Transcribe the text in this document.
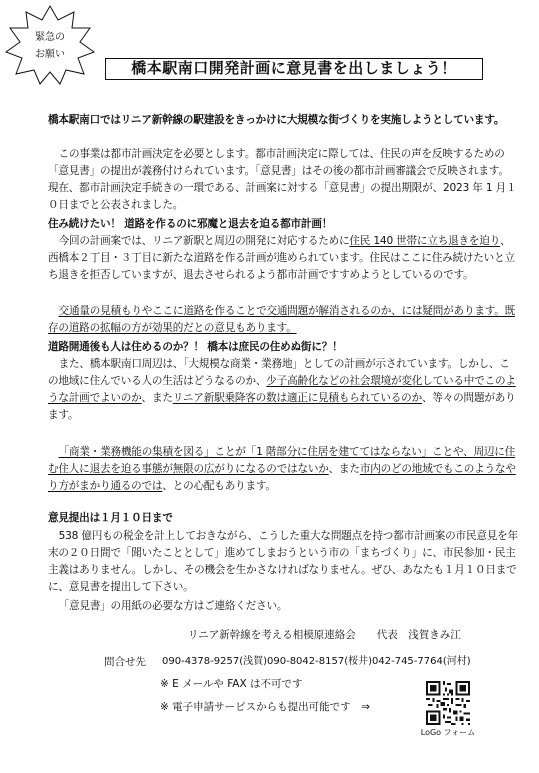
緊急の
お願い
橋本駅南口開発計画に意見書を出しましょう！
橋本駅南口ではリニア新幹線の駅建設をきっかけに大規模な街づくりを実施しようとしています。
この事業は都市計画決定を必要とします。都市計画決定に際しては、住民の声を反映するための「意見書」の提出が義務付けられています。「意見書」はその後の都市計画審議会で反映されます。現在、都市計画決定手続きの一環である、計画案に対する「意見書」の提出期限が、2023 年 1 月１０日までと公表されました。
住み続けたい！ 道路を作るのに邪魔と退去を迫る都市計画！
今回の計画案では、リニア新駅と周辺の開発に対応するために住民 140 世帯に立ち退きを迫り、西橋本２丁目・３丁目に新たな道路を作る計画が進められています。住民はここに住み続けたいと立ち退きを拒否していますが、退去させられるよう都市計画ですすめようとしているのです。
交通量の見積もりやここに道路を作ることで交通問題が解消されるのか、には疑問があります。既存の道路の拡幅の方が効果的だとの意見もあります。
道路開通後も人は住めるのか？！ 橋本は庶民の住めぬ街に？！
また、橋本駅南口周辺は、「大規模な商業・業務地」としての計画が示されています。しかし、この地域に住んでいる人の生活はどうなるのか、少子高齢化などの社会環境が変化している中でこのような計画でよいのか、またリニア新駅乗降客の数は適正に見積もられているのか、等々の問題があります。
「商業・業務機能の集積を図る」ことが「1 階部分に住居を建ててはならない」ことや、周辺に住む住人に退去を迫る事態が無限の広がりになるのではないか、また市内のどの地域でもこのようなやり方がまかり通るのでは、との心配もあります。
意見提出は１月１０日まで
538 億円もの税金を計上しておきながら、こうした重大な問題点を持つ都市計画案の市民意見を年末の２０日間で「聞いたこととして」進めてしまおうという市の「まちづくり」に、市民参加・民主主義はありません。しかし、その機会を生かさなければなりません。ぜひ、あなたも１月１０日までに、意見書を提出して下さい。
「意見書」の用紙の必要な方はご連絡ください。
リニア新幹線を考える相模原連絡会　　代表　浅賀きみ江
問合せ先 090-4378-9257(浅賀)090-8042-8157(桜井)042-745-7764(河村)
※ E メールや FAX は不可です
※ 電子申請サービスからも提出可能です　⇒
LoGo フォーム
